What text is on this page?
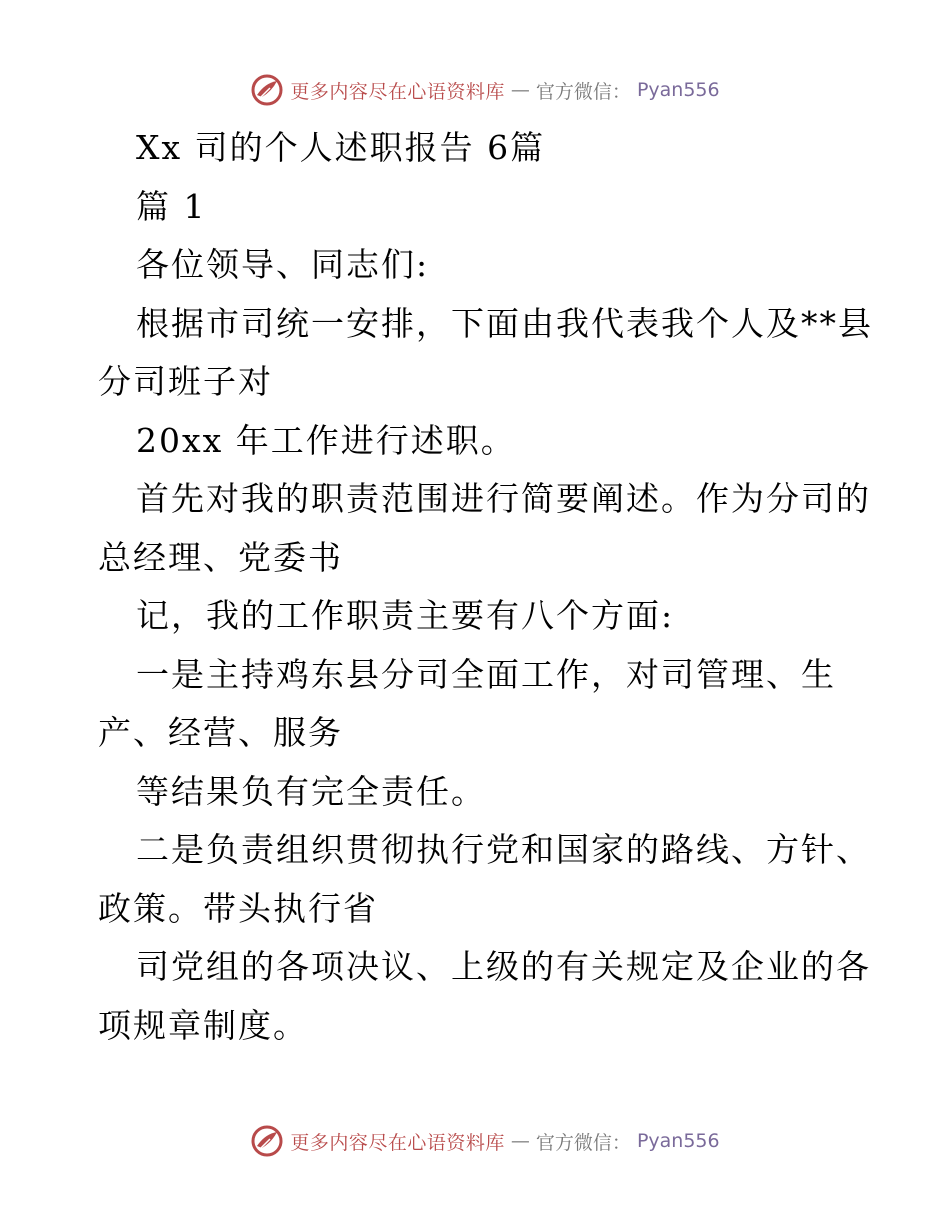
更多内容尽在心语资料库 — 官方微信： Pyan556

Xx 司的个人述职报告 6篇

篇 1

各位领导、同志们:

根据市司统一安排，下面由我代表我个人及**县

分司班子对

20xx 年工作进行述职。

首先对我的职责范围进行简要阐述。作为分司的

总经理、党委书

记，我的工作职责主要有八个方面:

一是主持鸡东县分司全面工作，对司管理、生

产、经营、服务

等结果负有完全责任。

二是负责组织贯彻执行党和国家的路线、方针、

政策。带头执行省

司党组的各项决议、上级的有关规定及企业的各

项规章制度。

更多内容尽在心语资料库 — 官方微信： Pyan556
